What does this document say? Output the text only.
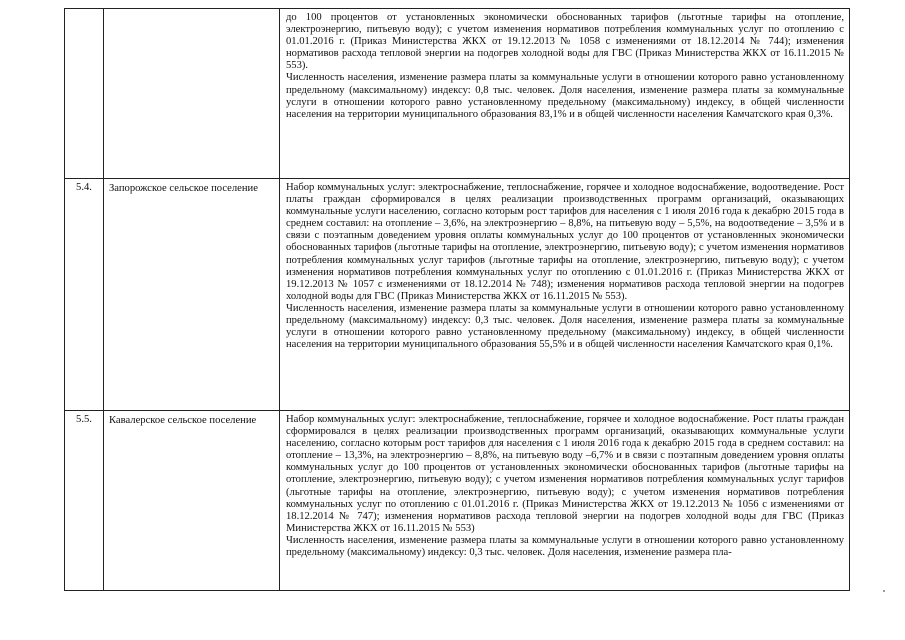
		до 100 процентов от установленных экономически обоснованных тарифов (льготные тарифы на отопление, электроэнергию, питьевую воду); с учетом изменения нормативов потребления коммунальных услуг по отоплению с 01.01.2016 г. (Приказ Министерства ЖКХ от 19.12.2013 № 1058 с изменениями от 18.12.2014 № 744); изменения нормативов расхода тепловой энергии на подогрев холодной воды для ГВС (Приказ Министерства ЖКХ от 16.11.2015 № 553).

Численность населения, изменение размера платы за коммунальные услуги в отношении которого равно установленному предельному (максимальному) индексу: 0,8 тыс. человек. Доля населения, изменение размера платы за коммунальные услуги в отношении которого равно установленному предельному (максимальному) индексу, в общей численности населения на территории муниципального образования 83,1% и в общей численности населения Камчатского края 0,3%.

5.4.	Запорожское сельское поселение	Набор коммунальных услуг: электроснабжение, теплоснабжение, горячее и холодное водоснабжение, водоотведение. Рост платы граждан сформировался в целях реализации производственных программ организаций, оказывающих коммунальные услуги населению, согласно которым рост тарифов для населения с 1 июля 2016 года к декабрю 2015 года в среднем составил: на отопление – 3,6%, на электроэнергию – 8,8%, на питьевую воду – 5,5%, на водоотведение – 3,5% и в связи с поэтапным доведением уровня оплаты коммунальных услуг до 100 процентов от установленных экономически обоснованных тарифов (льготные тарифы на отопление, электроэнергию, питьевую воду); с учетом изменения нормативов потребления коммунальных услуг тарифов (льготные тарифы на отопление, электроэнергию, питьевую воду); с учетом изменения нормативов потребления коммунальных услуг по отоплению с 01.01.2016 г. (Приказ Министерства ЖКХ от 19.12.2013 № 1057 с изменениями от 18.12.2014 № 748); изменения нормативов расхода тепловой энергии на подогрев холодной воды для ГВС (Приказ Министерства ЖКХ от 16.11.2015 № 553).

Численность населения, изменение размера платы за коммунальные услуги в отношении которого равно установленному предельному (максимальному) индексу: 0,3 тыс. человек. Доля населения, изменение размера платы за коммунальные услуги в отношении которого равно установленному предельному (максимальному) индексу, в общей численности населения на территории муниципального образования 55,5% и в общей численности населения Камчатского края 0,1%.

5.5.	Кавалерское сельское поселение	Набор коммунальных услуг: электроснабжение, теплоснабжение, горячее и холодное водоснабжение. Рост платы граждан сформировался в целях реализации производственных программ организаций, оказывающих коммунальные услуги населению, согласно которым рост тарифов для населения с 1 июля 2016 года к декабрю 2015 года в среднем составил: на отопление – 13,3%, на электроэнергию – 8,8%, на питьевую воду –6,7% и в связи с поэтапным доведением уровня оплаты коммунальных услуг до 100 процентов от установленных экономически обоснованных тарифов (льготные тарифы на отопление, электроэнергию, питьевую воду); с учетом изменения нормативов потребления коммунальных услуг тарифов (льготные тарифы на отопление, электроэнергию, питьевую воду); с учетом изменения нормативов потребления коммунальных услуг по отоплению с 01.01.2016 г. (Приказ Министерства ЖКХ от 19.12.2013 № 1056 с изменениями от 18.12.2014 № 747); изменения нормативов расхода тепловой энергии на подогрев холодной воды для ГВС (Приказ Министерства ЖКХ от 16.11.2015 № 553)

Численность населения, изменение размера платы за коммунальные услуги в отношении которого равно установленному предельному (максимальному) индексу: 0,3 тыс. человек. Доля населения, изменение размера пла-
